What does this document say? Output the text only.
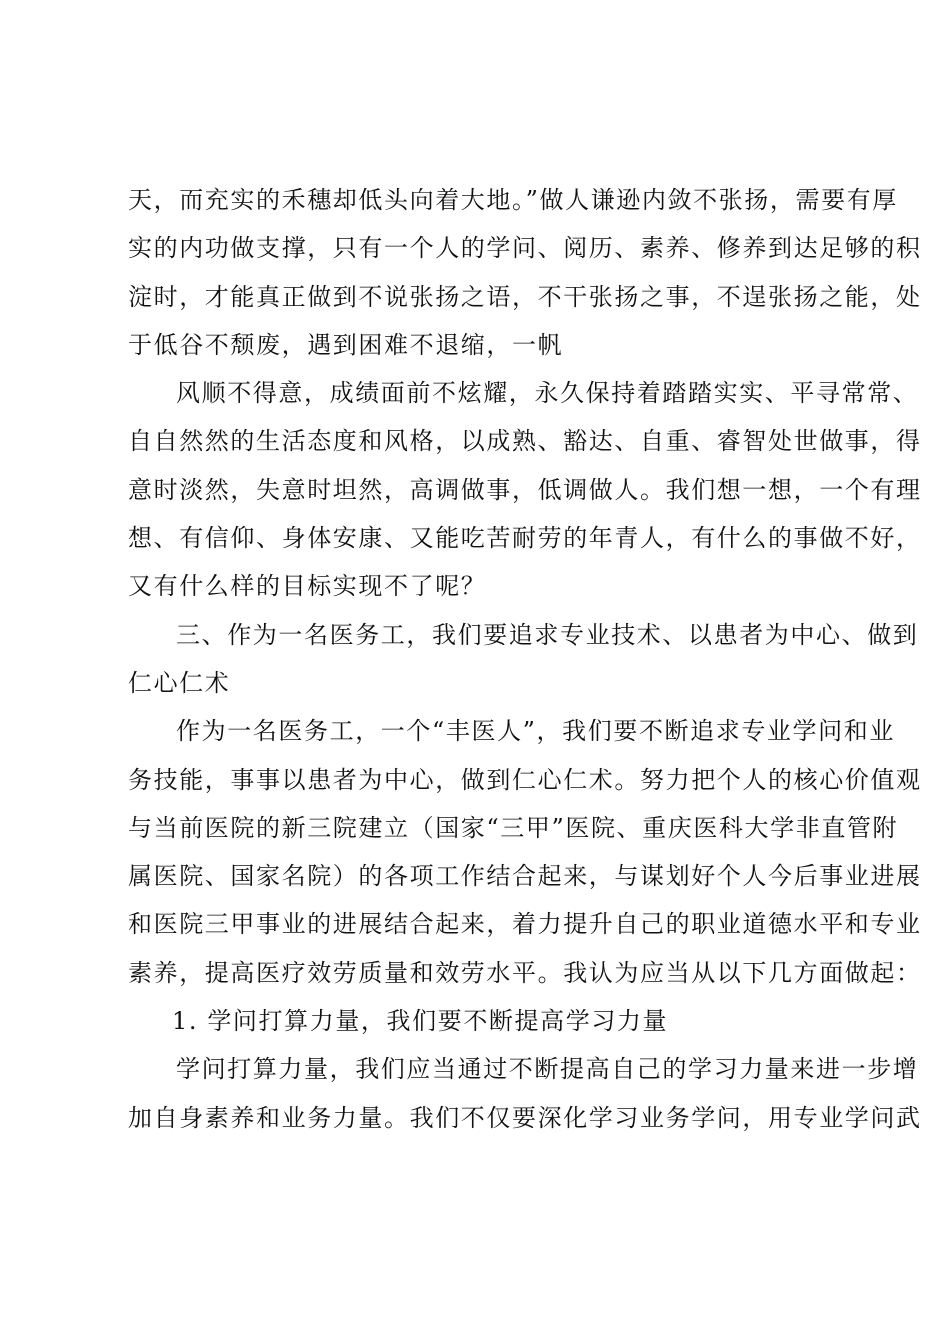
天，而充实的禾穗却低头向着大地。”做人谦逊内敛不张扬，需要有厚
实的内功做支撑，只有一个人的学问、阅历、素养、修养到达足够的积
淀时，才能真正做到不说张扬之语，不干张扬之事，不逞张扬之能，处
于低谷不颓废，遇到困难不退缩，一帆
风顺不得意，成绩面前不炫耀，永久保持着踏踏实实、平寻常常、
自自然然的生活态度和风格，以成熟、豁达、自重、睿智处世做事，得
意时淡然，失意时坦然，高调做事，低调做人。我们想一想，一个有理
想、有信仰、身体安康、又能吃苦耐劳的年青人，有什么的事做不好，
又有什么样的目标实现不了呢？
三、作为一名医务工，我们要追求专业技术、以患者为中心、做到
仁心仁术
作为一名医务工，一个“丰医人”，我们要不断追求专业学问和业
务技能，事事以患者为中心，做到仁心仁术。努力把个人的核心价值观
与当前医院的新三院建立（国家“三甲”医院、重庆医科大学非直管附
属医院、国家名院）的各项工作结合起来，与谋划好个人今后事业进展
和医院三甲事业的进展结合起来，着力提升自己的职业道德水平和专业
素养，提高医疗效劳质量和效劳水平。我认为应当从以下几方面做起：
1. 学问打算力量，我们要不断提高学习力量
学问打算力量，我们应当通过不断提高自己的学习力量来进一步增
加自身素养和业务力量。我们不仅要深化学习业务学问，用专业学问武
